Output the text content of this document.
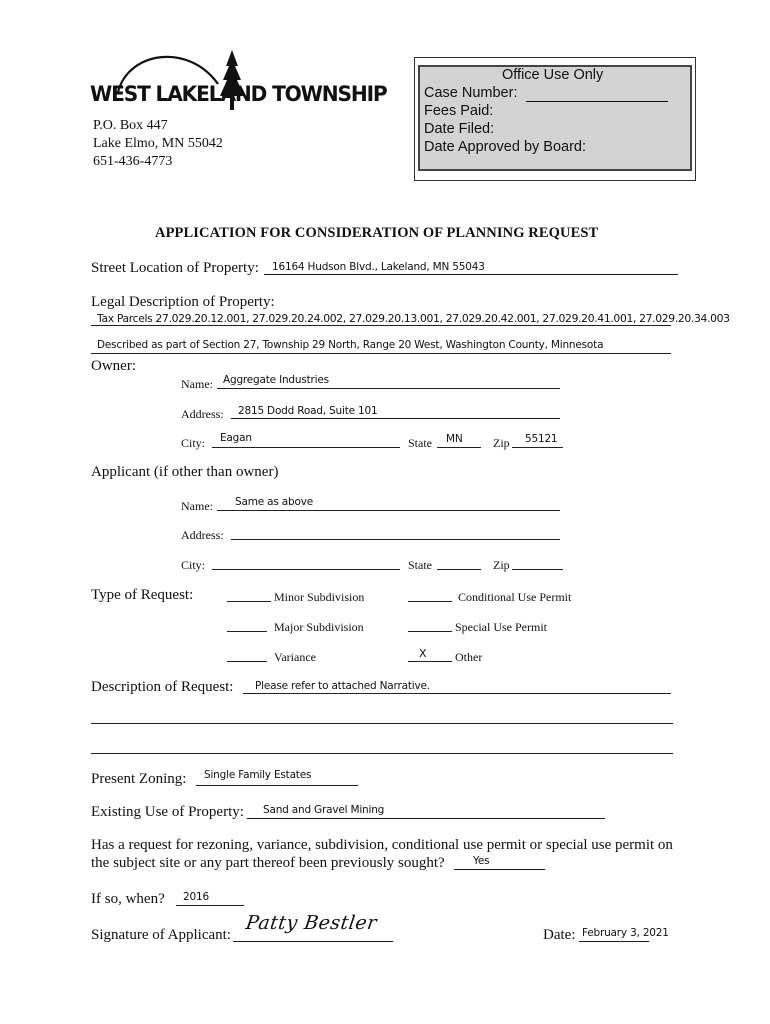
WEST LAKELAND TOWNSHIP
P.O. Box 447
Lake Elmo, MN 55042
651-436-4773
Office Use Only
Case Number:
Fees Paid:
Date Filed:
Date Approved by Board:
APPLICATION FOR CONSIDERATION OF PLANNING REQUEST
Street Location of Property: 16164 Hudson Blvd., Lakeland, MN 55043
Legal Description of Property:
Tax Parcels 27.029.20.12.001, 27.029.20.24.002, 27.029.20.13.001, 27.029.20.42.001, 27.029.20.41.001, 27.029.20.34.003
Described as part of Section 27, Township 29 North, Range 20 West, Washington County, Minnesota
Owner:
Name: Aggregate Industries
Address: 2815 Dodd Road, Suite 101
City: Eagan	State MN	Zip 55121
Applicant (if other than owner)
Name: Same as above
Address:
City:	State	Zip
Type of Request:	Minor Subdivision	Conditional Use Permit
Major Subdivision	Special Use Permit
Variance	X Other
Description of Request: Please refer to attached Narrative.
Present Zoning: Single Family Estates
Existing Use of Property: Sand and Gravel Mining
Has a request for rezoning, variance, subdivision, conditional use permit or special use permit on
the subject site or any part thereof been previously sought?	Yes
If so, when? 2016
Signature of Applicant:
Patty Bestler
Date: February 3, 2021
